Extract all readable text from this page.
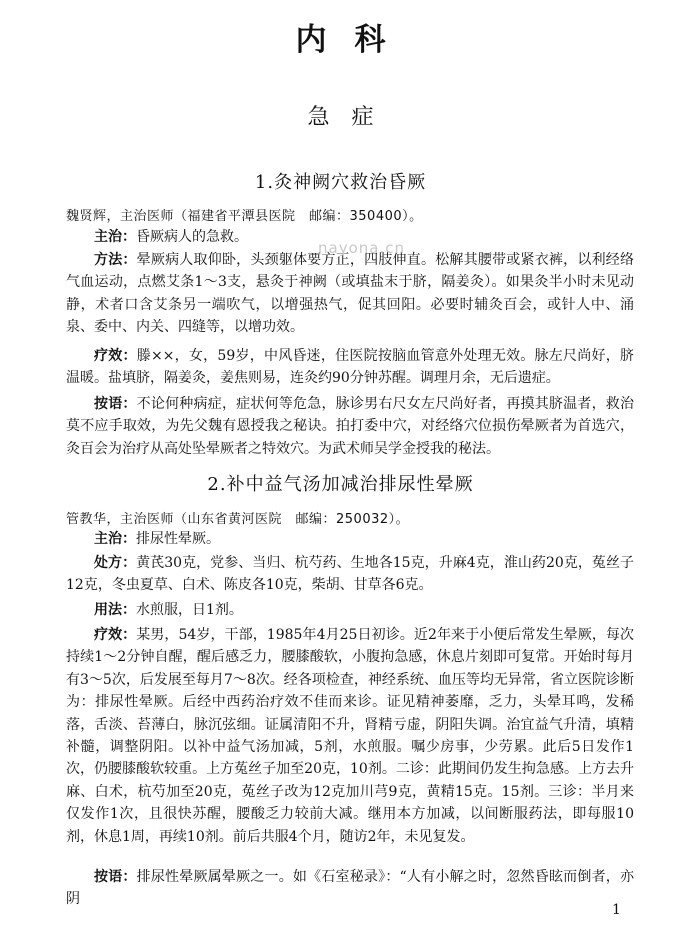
内科
急症
1.灸神阙穴救治昏厥
魏贤辉，主治医师（福建省平潭县医院　邮编：350400）。
主治：昏厥病人的急救。
方法：晕厥病人取仰卧，头颈躯体要方正，四肢伸直。松解其腰带或紧衣裤，以利经络气血运动，点燃艾条1～3支，悬灸于神阙（或填盐末于脐，隔姜灸）。如果灸半小时未见动静，术者口含艾条另一端吹气，以增强热气，促其回阳。必要时辅灸百会，或针人中、涌泉、委中、内关、四缝等，以增功效。
疗效：滕××，女，59岁，中风昏迷，住医院按脑血管意外处理无效。脉左尺尚好，脐温暖。盐填脐，隔姜灸，姜焦则易，连灸约90分钟苏醒。调理月余，无后遗症。
按语：不论何种病症，症状何等危急，脉诊男右尺女左尺尚好者，再摸其脐温者，救治莫不应手取效，为先父魏有恩授我之秘诀。拍打委中穴，对经络穴位损伤晕厥者为首选穴，灸百会为治疗从高处坠晕厥者之特效穴。为武术师吴学金授我的秘法。
2.补中益气汤加减治排尿性晕厥
管教华，主治医师（山东省黄河医院　邮编：250032）。
主治：排尿性晕厥。
处方：黄芪30克，党参、当归、杭芍药、生地各15克，升麻4克，淮山药20克，菟丝子12克，冬虫夏草、白术、陈皮各10克，柴胡、甘草各6克。
用法：水煎服，日1剂。
疗效：某男，54岁，干部，1985年4月25日初诊。近2年来于小便后常发生晕厥，每次持续1～2分钟自醒，醒后感乏力，腰膝酸软，小腹拘急感，休息片刻即可复常。开始时每月有3～5次，后发展至每月7～8次。经各项检查，神经系统、血压等均无异常，省立医院诊断为：排尿性晕厥。后经中西药治疗效不佳而来诊。证见精神萎靡，乏力，头晕耳鸣，发稀落，舌淡、苔薄白，脉沉弦细。证属清阳不升，肾精亏虚，阴阳失调。治宜益气升清，填精补髓，调整阴阳。以补中益气汤加减，5剂，水煎服。嘱少房事，少劳累。此后5日发作1次，仍腰膝酸软较重。上方菟丝子加至20克，10剂。二诊：此期间仍发生拘急感。上方去升麻、白术，杭芍加至20克，菟丝子改为12克加川芎9克，黄精15克。15剂。三诊：半月来仅发作1次，且很快苏醒，腰酸乏力较前大减。继用本方加减，以间断服药法，即每服10剂，休息1周，再续10剂。前后共服4个月，随访2年，未见复发。
按语：排尿性晕厥属晕厥之一。如《石室秘录》：“人有小解之时，忽然昏眩而倒者，亦阴
nayona.cn
1
